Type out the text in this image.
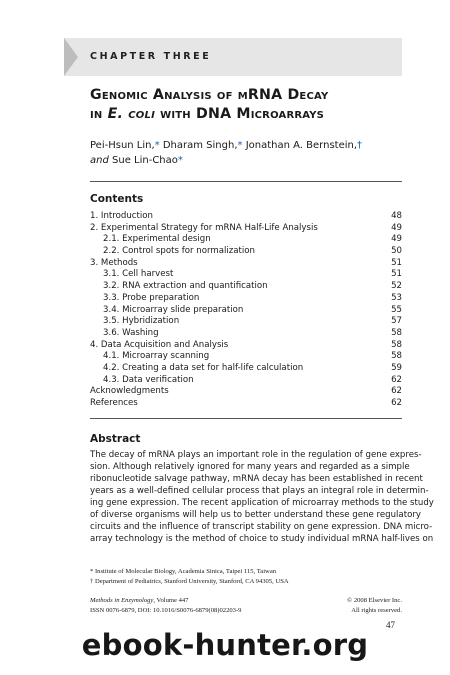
CHAPTER THREE
Genomic Analysis of mRNA Decay
in E. coli with DNA Microarrays
Pei-Hsun Lin,* Dharam Singh,* Jonathan A. Bernstein,†
and Sue Lin-Chao*
Contents
1. Introduction	48
2. Experimental Strategy for mRNA Half-Life Analysis	49
2.1. Experimental design	49
2.2. Control spots for normalization	50
3. Methods	51
3.1. Cell harvest	51
3.2. RNA extraction and quantification	52
3.3. Probe preparation	53
3.4. Microarray slide preparation	55
3.5. Hybridization	57
3.6. Washing	58
4. Data Acquisition and Analysis	58
4.1. Microarray scanning	58
4.2. Creating a data set for half-life calculation	59
4.3. Data verification	62
Acknowledgments	62
References	62
Abstract
The decay of mRNA plays an important role in the regulation of gene expres-
sion. Although relatively ignored for many years and regarded as a simple
ribonucleotide salvage pathway, mRNA decay has been established in recent
years as a well-defined cellular process that plays an integral role in determin-
ing gene expression. The recent application of microarray methods to the study
of diverse organisms will help us to better understand these gene regulatory
circuits and the influence of transcript stability on gene expression. DNA micro-
array technology is the method of choice to study individual mRNA half-lives on
* Institute of Molecular Biology, Academia Sinica, Taipei 115, Taiwan
† Department of Pediatrics, Stanford University, Stanford, CA 94305, USA
Methods in Enzymology, Volume 447	© 2008 Elsevier Inc.
ISSN 0076-6879, DOI: 10.1016/S0076-6879(08)02203-9	All rights reserved.
47
ebook-hunter.org
